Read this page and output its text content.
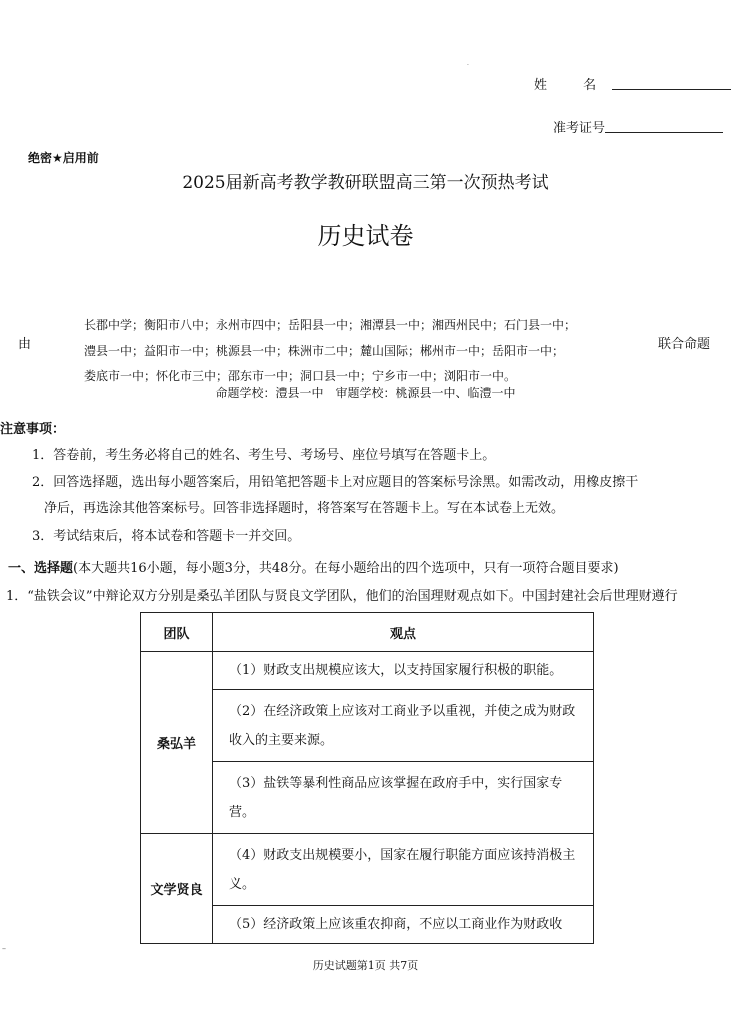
·
姓 名
准考证号
绝密★启用前
2025届新高考教学教研联盟高三第一次预热考试
历史试卷
由
长郡中学；衡阳市八中；永州市四中；岳阳县一中；湘潭县一中；湘西州民中；石门县一中；
澧县一中；益阳市一中；桃源县一中；株洲市二中；麓山国际；郴州市一中；岳阳市一中；
娄底市一中；怀化市三中；邵东市一中；洞口县一中；宁乡市一中；浏阳市一中。
联合命题
命题学校：澧县一中　审题学校：桃源县一中、临澧一中
注意事项：
1．答卷前，考生务必将自己的姓名、考生号、考场号、座位号填写在答题卡上。
2．回答选择题，选出每小题答案后，用铅笔把答题卡上对应题目的答案标号涂黑。如需改动，用橡皮擦干
净后，再选涂其他答案标号。回答非选择题时，将答案写在答题卡上。写在本试卷上无效。
3．考试结束后，将本试卷和答题卡一并交回。
一、选择题(本大题共16小题，每小题3分，共48分。在每小题给出的四个选项中，只有一项符合题目要求)
1．“盐铁会议”中辩论双方分别是桑弘羊团队与贤良文学团队，他们的治国理财观点如下。中国封建社会后世理财遵行
团队	观点
桑弘羊	（1）财政支出规模应该大，以支持国家履行积极的职能。
	（2）在经济政策上应该对工商业予以重视，并使之成为财政收入的主要来源。
	（3）盐铁等暴利性商品应该掌握在政府手中，实行国家专营。
文学贤良	（4）财政支出规模要小，国家在履行职能方面应该持消极主义。
	（5）经济政策上应该重农抑商，不应以工商业作为财政收
–
历史试题第1页 共7页
